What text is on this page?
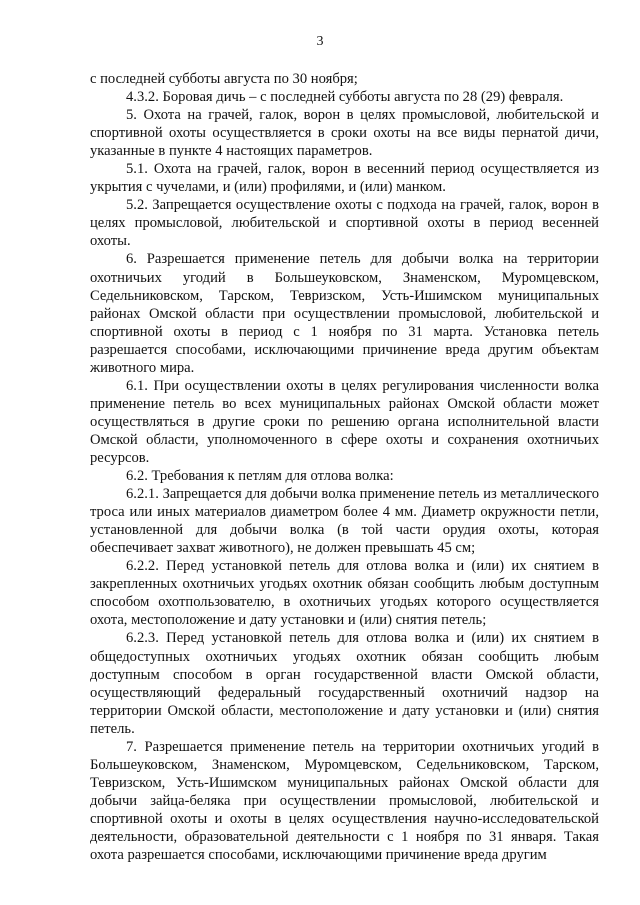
3

с последней субботы августа по 30 ноября;

4.3.2. Боровая дичь – с последней субботы августа по 28 (29) февраля.

5. Охота на грачей, галок, ворон в целях промысловой, любительской и спортивной охоты осуществляется в сроки охоты на все виды пернатой дичи, указанные в пункте 4 настоящих параметров.

5.1. Охота на грачей, галок, ворон в весенний период осуществляется из укрытия с чучелами, и (или) профилями, и (или) манком.

5.2. Запрещается осуществление охоты с подхода на грачей, галок, ворон в целях промысловой, любительской и спортивной охоты в период весенней охоты.

6. Разрешается применение петель для добычи волка на территории охотничьих угодий в Большеуковском, Знаменском, Муромцевском, Седельниковском, Тарском, Тевризском, Усть-Ишимском муниципальных районах Омской области при осуществлении промысловой, любительской и спортивной охоты в период с 1 ноября по 31 марта. Установка петель разрешается способами, исключающими причинение вреда другим объектам животного мира.

6.1. При осуществлении охоты в целях регулирования численности волка применение петель во всех муниципальных районах Омской области может осуществляться в другие сроки по решению органа исполнительной власти Омской области, уполномоченного в сфере охоты и сохранения охотничьих ресурсов.

6.2. Требования к петлям для отлова волка:

6.2.1. Запрещается для добычи волка применение петель из металлического троса или иных материалов диаметром более 4 мм. Диаметр окружности петли, установленной для добычи волка (в той части орудия охоты, которая обеспечивает захват животного), не должен превышать 45 см;

6.2.2. Перед установкой петель для отлова волка и (или) их снятием в закрепленных охотничьих угодьях охотник обязан сообщить любым доступным способом охотпользователю, в охотничьих угодьях которого осуществляется охота, местоположение и дату установки и (или) снятия петель;

6.2.3. Перед установкой петель для отлова волка и (или) их снятием в общедоступных охотничьих угодьях охотник обязан сообщить любым доступным способом в орган государственной власти Омской области, осуществляющий федеральный государственный охотничий надзор на территории Омской области, местоположение и дату установки и (или) снятия петель.

7. Разрешается применение петель на территории охотничьих угодий в Большеуковском, Знаменском, Муромцевском, Седельниковском, Тарском, Тевризском, Усть-Ишимском муниципальных районах Омской области для добычи зайца-беляка при осуществлении промысловой, любительской и спортивной охоты и охоты в целях осуществления научно-исследовательской деятельности, образовательной деятельности с 1 ноября по 31 января. Такая охота разрешается способами, исключающими причинение вреда другим
